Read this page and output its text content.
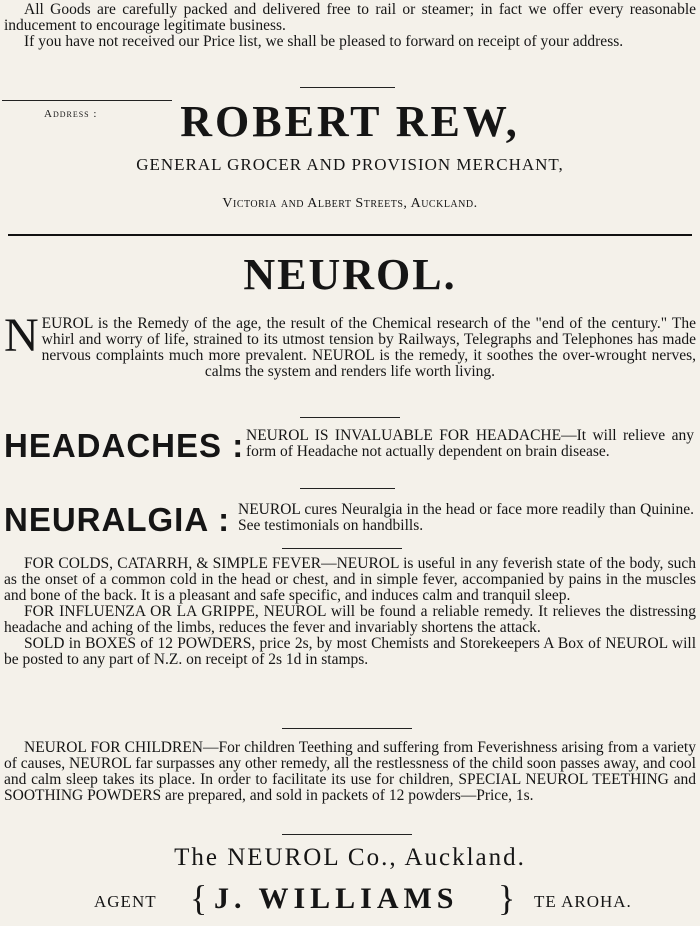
All Goods are carefully packed and delivered free to rail or steamer; in fact we offer every reasonable inducement to encourage legitimate business.

If you have not received our Price list, we shall be pleased to forward on receipt of your address.

Address :	ROBERT REW,
GENERAL GROCER AND PROVISION MERCHANT,
Victoria and Albert Streets, Auckland.
NEUROL.
N EUROL is the Remedy of the age, the result of the Chemical research of the "end of the century." The whirl and worry of life, strained to its utmost tension by Railways, Telegraphs and Telephones has made nervous complaints much more prevalent. NEUROL is the remedy, it soothes the over-wrought nerves, calms the system and renders life worth living.

HEADACHES : NEUROL IS INVALUABLE FOR HEADACHE—It will relieve any form of Headache not actually dependent on brain disease.
NEURALGIA : NEUROL cures Neuralgia in the head or face more readily than Quinine. See testimonials on handbills.

FOR COLDS, CATARRH, & SIMPLE FEVER—NEUROL is useful in any feverish state of the body, such as the onset of a common cold in the head or chest, and in simple fever, accompanied by pains in the muscles and bone of the back. It is a pleasant and safe specific, and induces calm and tranquil sleep.

FOR INFLUENZA OR LA GRIPPE, NEUROL will be found a reliable remedy. It relieves the distressing headache and aching of the limbs, reduces the fever and invariably shortens the attack.

SOLD in BOXES of 12 POWDERS, price 2s, by most Chemists and Storekeepers A Box of NEUROL will be posted to any part of N.Z. on receipt of 2s 1d in stamps.

NEUROL FOR CHILDREN—For children Teething and suffering from Feverishness arising from a variety of causes, NEUROL far surpasses any other remedy, all the restlessness of the child soon passes away, and cool and calm sleep takes its place. In order to facilitate its use for children, SPECIAL NEUROL TEETHING and SOOTHING POWDERS are prepared, and sold in packets of 12 powders—Price, 1s.

The NEUROL Co., Auckland.
AGENT { J. WILLIAMS } TE AROHA.
